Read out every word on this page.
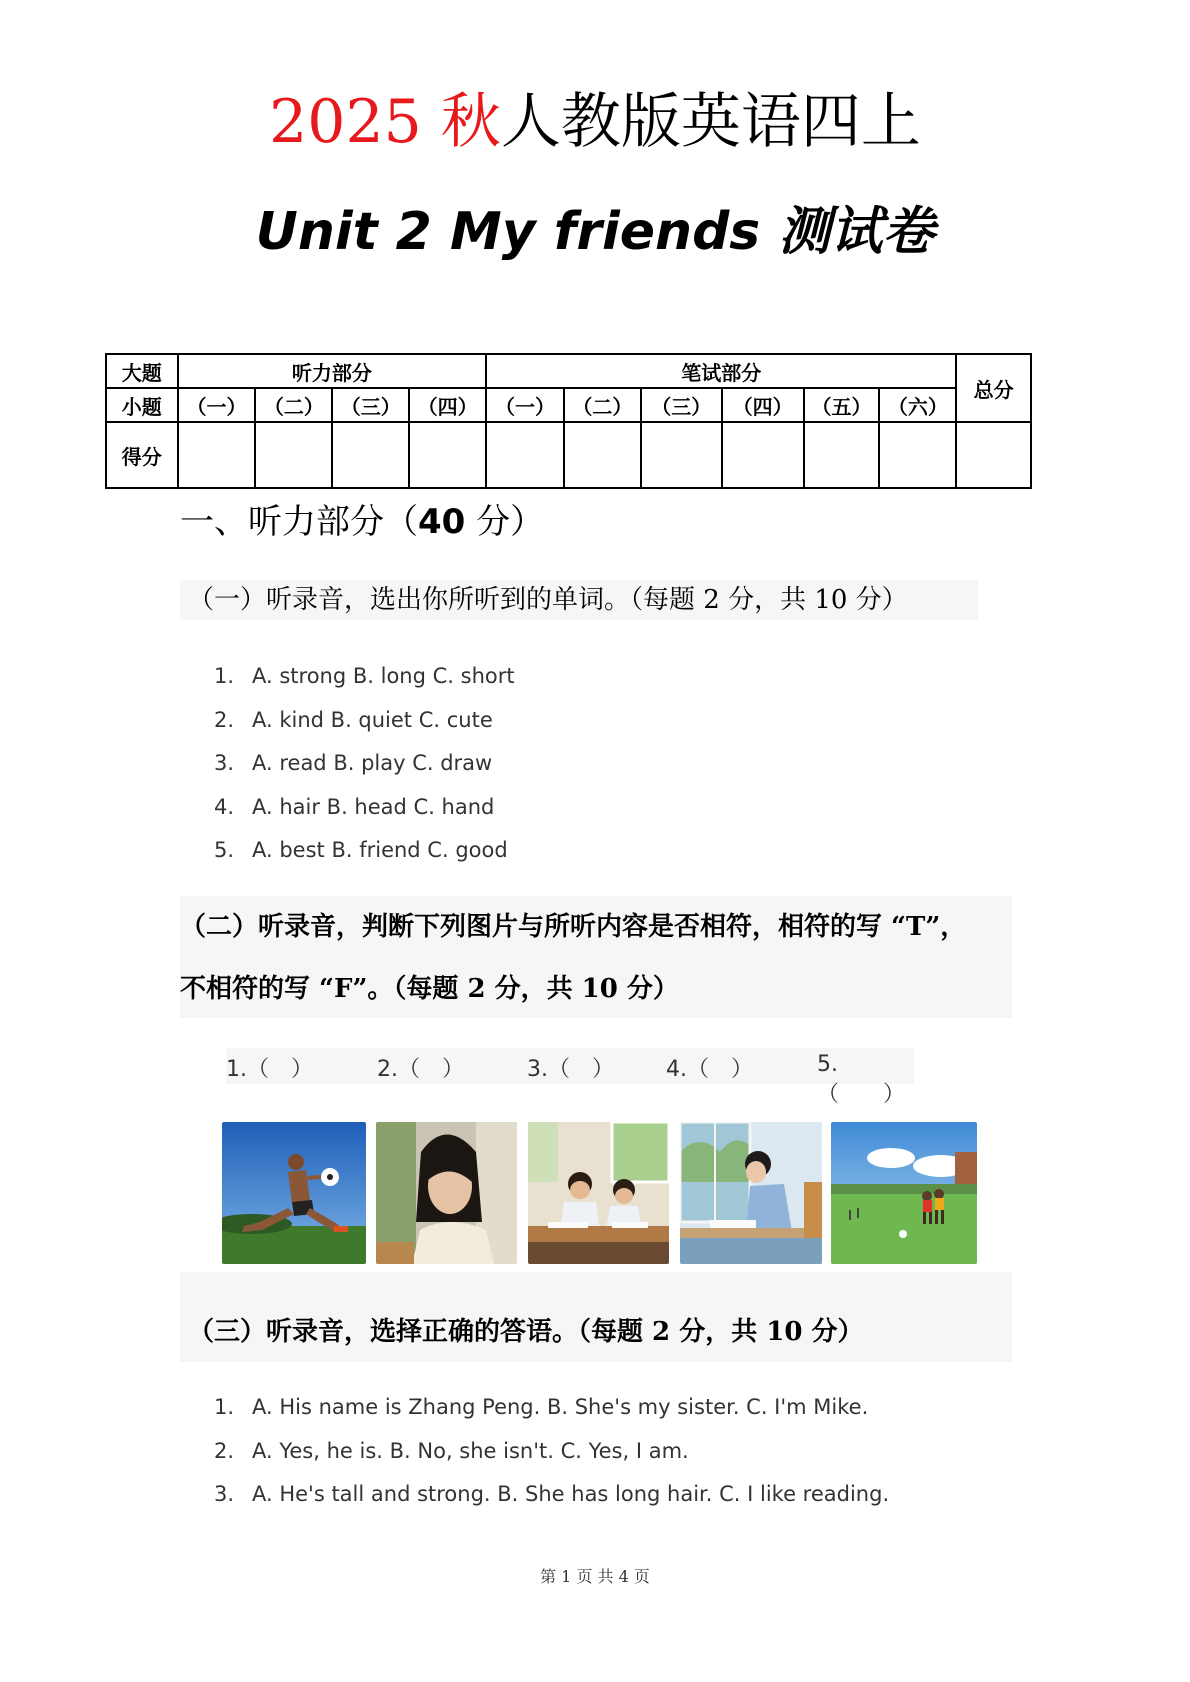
2025 秋人教版英语四上
Unit 2 My friends 测试卷
大题	听力部分				笔试部分						总分
小题	（一）	（二）	（三）	（四）	（一）	（二）	（三）	（四）	（五）	（六）	
得分											
一、听力部分（40 分）
（一）听录音，选出你所听到的单词。（每题 2 分，共 10 分）
1. A. strong B. long C. short
2. A. kind B. quiet C. cute
3. A. read B. play C. draw
4. A. hair B. head C. hand
5. A. best B. friend C. good
（二）听录音，判断下列图片与所听内容是否相符，相符的写 “T”，
不相符的写 “F”。（每题 2 分，共 10 分）
1.（　）	2.（　）	3.（　） 4.（　）	5.（　　）
（三）听录音，选择正确的答语。（每题 2 分，共 10 分）
1. A. His name is Zhang Peng. B. She's my sister. C. I'm Mike.
2. A. Yes, he is. B. No, she isn't. C. Yes, I am.
3. A. He's tall and strong. B. She has long hair. C. I like reading.
第 1 页 共 4 页
